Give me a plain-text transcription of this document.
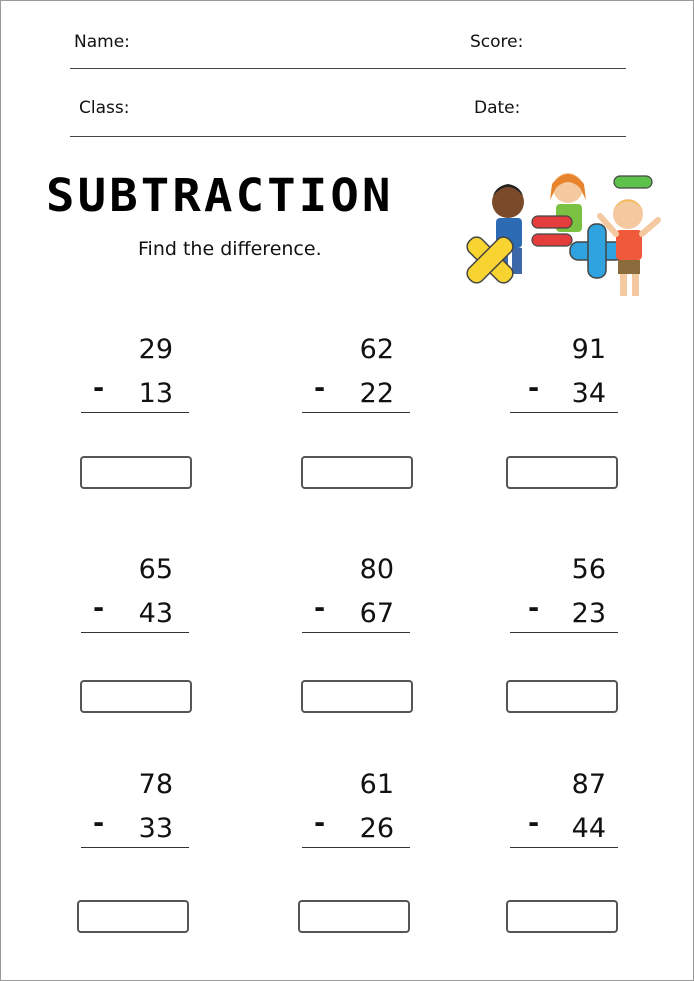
Name:	Score:
Class:	Date:
SUBTRACTION
Find the difference.
29
- 13
62
- 22
91
- 34
65
- 43
80
- 67
56
- 23
78
- 33
61
- 26
87
- 44
